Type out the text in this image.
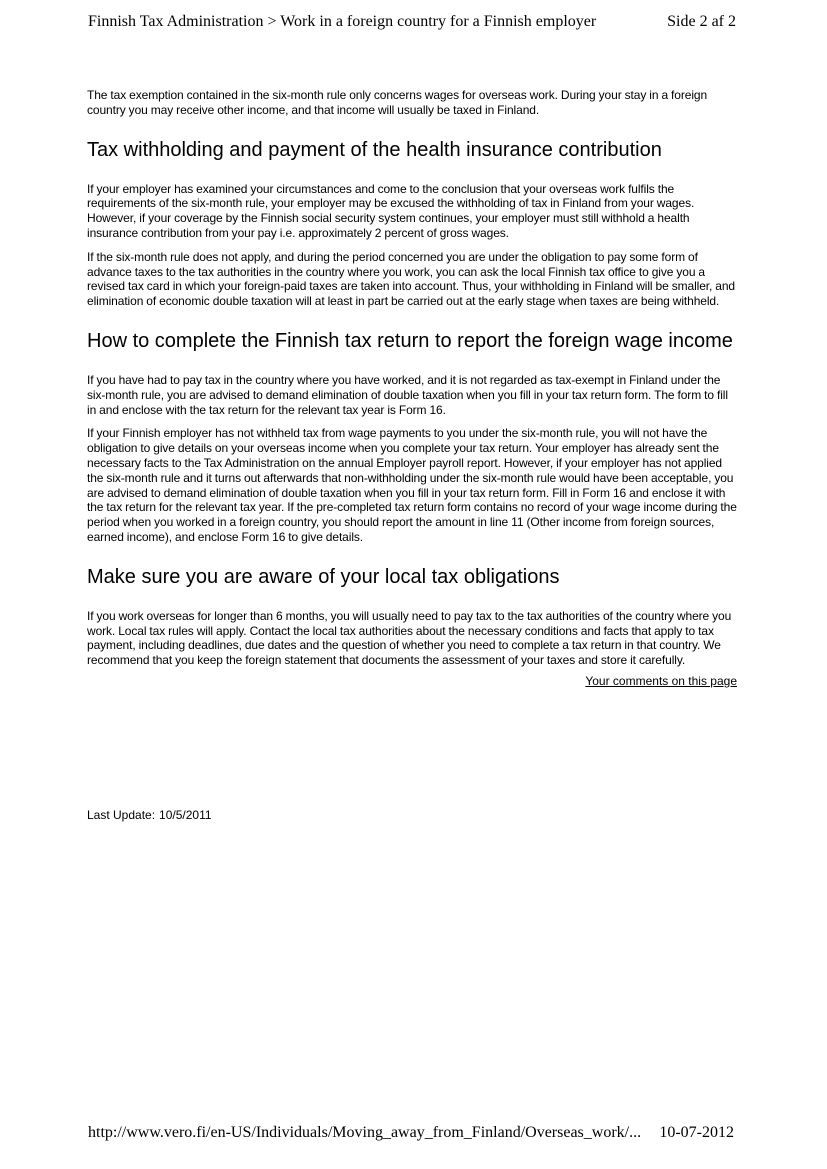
Finnish Tax Administration > Work in a foreign country for a Finnish employer	Side 2 af 2

The tax exemption contained in the six-month rule only concerns wages for overseas work. During your stay in a foreign country you may receive other income, and that income will usually be taxed in Finland.

Tax withholding and payment of the health insurance contribution

If your employer has examined your circumstances and come to the conclusion that your overseas work fulfils the requirements of the six-month rule, your employer may be excused the withholding of tax in Finland from your wages. However, if your coverage by the Finnish social security system continues, your employer must still withhold a health insurance contribution from your pay i.e. approximately 2 percent of gross wages.

If the six-month rule does not apply, and during the period concerned you are under the obligation to pay some form of advance taxes to the tax authorities in the country where you work, you can ask the local Finnish tax office to give you a revised tax card in which your foreign-paid taxes are taken into account. Thus, your withholding in Finland will be smaller, and elimination of economic double taxation will at least in part be carried out at the early stage when taxes are being withheld.

How to complete the Finnish tax return to report the foreign wage income

If you have had to pay tax in the country where you have worked, and it is not regarded as tax-exempt in Finland under the six-month rule, you are advised to demand elimination of double taxation when you fill in your tax return form. The form to fill in and enclose with the tax return for the relevant tax year is Form 16.

If your Finnish employer has not withheld tax from wage payments to you under the six-month rule, you will not have the obligation to give details on your overseas income when you complete your tax return. Your employer has already sent the necessary facts to the Tax Administration on the annual Employer payroll report. However, if your employer has not applied the six-month rule and it turns out afterwards that non-withholding under the six-month rule would have been acceptable, you are advised to demand elimination of double taxation when you fill in your tax return form. Fill in Form 16 and enclose it with the tax return for the relevant tax year. If the pre-completed tax return form contains no record of your wage income during the period when you worked in a foreign country, you should report the amount in line 11 (Other income from foreign sources, earned income), and enclose Form 16 to give details.

Make sure you are aware of your local tax obligations

If you work overseas for longer than 6 months, you will usually need to pay tax to the tax authorities of the country where you work. Local tax rules will apply. Contact the local tax authorities about the necessary conditions and facts that apply to tax payment, including deadlines, due dates and the question of whether you need to complete a tax return in that country. We recommend that you keep the foreign statement that documents the assessment of your taxes and store it carefully.

Your comments on this page
Last Update: 10/5/2011
http://www.vero.fi/en-US/Individuals/Moving_away_from_Finland/Overseas_work/... 10-07-2012
